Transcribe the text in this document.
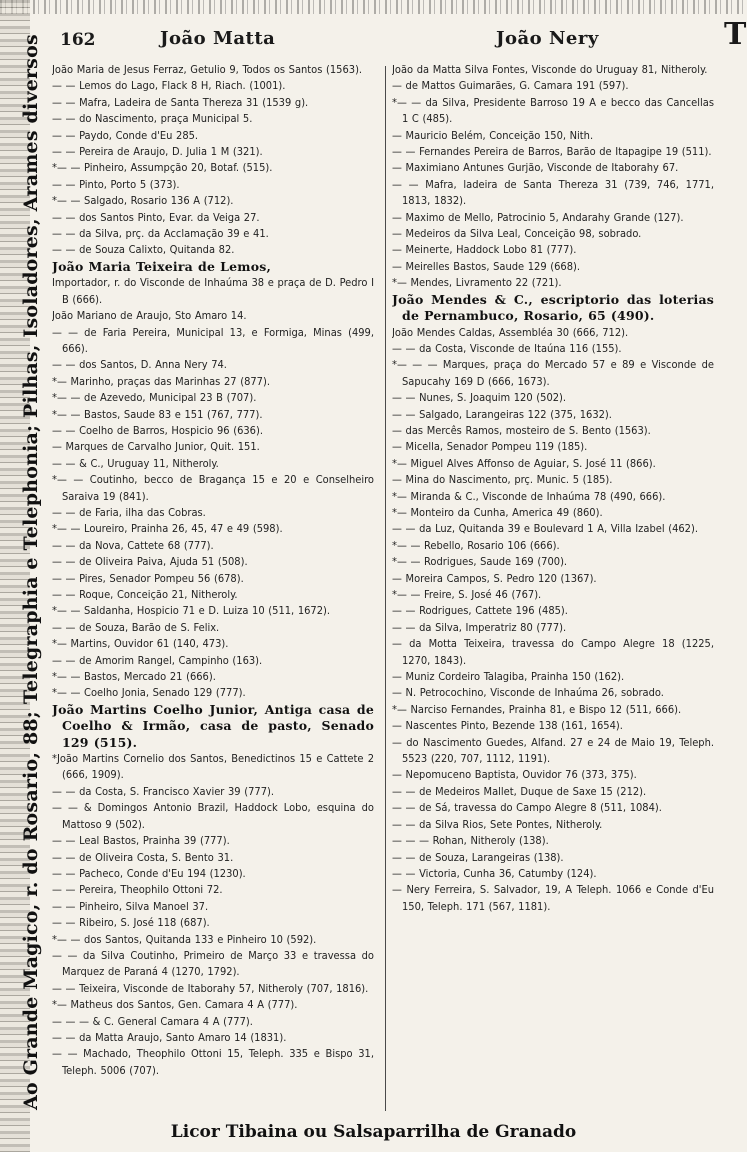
Ao Grande Magico, r. do Rosario, 88; Telegraphia e Telephonia; Pilhas, Isoladores, Arames diversos 162	João Matta	João Nery	T

João Maria de Jesus Ferraz, Getulio 9, Todos os Santos (1563).

— — Lemos do Lago, Flack 8 H, Riach. (1001).

— — Mafra, Ladeira de Santa Thereza 31 (1539 g).

— — do Nascimento, praça Municipal 5.

— — Paydo, Conde d'Eu 285.

— — Pereira de Araujo, D. Julia 1 M (321).

*— — Pinheiro, Assumpção 20, Botaf. (515).

— — Pinto, Porto 5 (373).

*— — Salgado, Rosario 136 A (712).

— — dos Santos Pinto, Evar. da Veiga 27.

— — da Silva, prç. da Acclamação 39 e 41.

— — de Souza Calixto, Quitanda 82.

João Maria Teixeira de Lemos,

Importador, r. do Visconde de Inhaúma 38 e praça de D. Pedro I B (666).

João Mariano de Araujo, Sto Amaro 14.

— — de Faria Pereira, Municipal 13, e Formiga, Minas (499, 666).

— — dos Santos, D. Anna Nery 74.

*— Marinho, praças das Marinhas 27 (877).

*— — de Azevedo, Municipal 23 B (707).

*— — Bastos, Saude 83 e 151 (767, 777).

— — Coelho de Barros, Hospicio 96 (636).

— Marques de Carvalho Junior, Quit. 151.

— — & C., Uruguay 11, Nitheroly.

*— — Coutinho, becco de Bragança 15 e 20 e Conselheiro Saraiva 19 (841).

— — de Faria, ilha das Cobras.

*— — Loureiro, Prainha 26, 45, 47 e 49 (598).

— — da Nova, Cattete 68 (777).

— — de Oliveira Paiva, Ajuda 51 (508).

— — Pires, Senador Pompeu 56 (678).

— — Roque, Conceição 21, Nitheroly.

*— — Saldanha, Hospicio 71 e D. Luiza 10 (511, 1672).

— — de Souza, Barão de S. Felix.

*— Martins, Ouvidor 61 (140, 473).

— — de Amorim Rangel, Campinho (163).

*— — Bastos, Mercado 21 (666).

*— — Coelho Jonia, Senado 129 (777).

João Martins Coelho Junior, Antiga casa de Coelho & Irmão, casa de pasto, Senado 129 (515).

*João Martins Cornelio dos Santos, Benedictinos 15 e Cattete 2 (666, 1909).

— — da Costa, S. Francisco Xavier 39 (777).

— — & Domingos Antonio Brazil, Haddock Lobo, esquina do Mattoso 9 (502).

— — Leal Bastos, Prainha 39 (777).

— — de Oliveira Costa, S. Bento 31.

— — Pacheco, Conde d'Eu 194 (1230).

— — Pereira, Theophilo Ottoni 72.

— — Pinheiro, Silva Manoel 37.

— — Ribeiro, S. José 118 (687).

*— — dos Santos, Quitanda 133 e Pinheiro 10 (592).

— — da Silva Coutinho, Primeiro de Março 33 e travessa do Marquez de Paraná 4 (1270, 1792).

— — Teixeira, Visconde de Itaborahy 57, Nitheroly (707, 1816).

*— Matheus dos Santos, Gen. Camara 4 A (777).

— — — & C. General Camara 4 A (777).

— — da Matta Araujo, Santo Amaro 14 (1831).

— — Machado, Theophilo Ottoni 15, Teleph. 335 e Bispo 31, Teleph. 5006 (707).

João da Matta Silva Fontes, Visconde do Uruguay 81, Nitheroly.

— de Mattos Guimarães, G. Camara 191 (597).

*— — da Silva, Presidente Barroso 19 A e becco das Cancellas 1 C (485).

— Mauricio Belém, Conceição 150, Nith.

— — Fernandes Pereira de Barros, Barão de Itapagipe 19 (511).

— Maximiano Antunes Gurjão, Visconde de Itaborahy 67.

— — Mafra, ladeira de Santa Thereza 31 (739, 746, 1771, 1813, 1832).

— Maximo de Mello, Patrocinio 5, Andarahy Grande (127).

— Medeiros da Silva Leal, Conceição 98, sobrado.

— Meinerte, Haddock Lobo 81 (777).

— Meirelles Bastos, Saude 129 (668).

*— Mendes, Livramento 22 (721).

João Mendes & C., escriptorio das loterias de Pernambuco, Rosario, 65 (490).

João Mendes Caldas, Assembléa 30 (666, 712).

— — da Costa, Visconde de Itaúna 116 (155).

*— — — Marques, praça do Mercado 57 e 89 e Visconde de Sapucahy 169 D (666, 1673).

— — Nunes, S. Joaquim 120 (502).

— — Salgado, Larangeiras 122 (375, 1632).

— das Mercês Ramos, mosteiro de S. Bento (1563).

— Micella, Senador Pompeu 119 (185).

*— Miguel Alves Affonso de Aguiar, S. José 11 (866).

— Mina do Nascimento, prç. Munic. 5 (185).

*— Miranda & C., Visconde de Inhaúma 78 (490, 666).

*— Monteiro da Cunha, America 49 (860).

— — da Luz, Quitanda 39 e Boulevard 1 A, Villa Izabel (462).

*— — Rebello, Rosario 106 (666).

*— — Rodrigues, Saude 169 (700).

— Moreira Campos, S. Pedro 120 (1367).

*— — Freire, S. José 46 (767).

— — Rodrigues, Cattete 196 (485).

— — da Silva, Imperatriz 80 (777).

— da Motta Teixeira, travessa do Campo Alegre 18 (1225, 1270, 1843).

— Muniz Cordeiro Talagiba, Prainha 150 (162).

— N. Petrocochino, Visconde de Inhaúma 26, sobrado.

*— Narciso Fernandes, Prainha 81, e Bispo 12 (511, 666).

— Nascentes Pinto, Bezende 138 (161, 1654).

— do Nascimento Guedes, Alfand. 27 e 24 de Maio 19, Teleph. 5523 (220, 707, 1112, 1191).

— Nepomuceno Baptista, Ouvidor 76 (373, 375).

— — de Medeiros Mallet, Duque de Saxe 15 (212).

— — de Sá, travessa do Campo Alegre 8 (511, 1084).

— — da Silva Rios, Sete Pontes, Nitheroly.

— — — Rohan, Nitheroly (138).

— — de Souza, Larangeiras (138).

— — Victoria, Cunha 36, Catumby (124).

— Nery Ferreira, S. Salvador, 19, A Teleph. 1066 e Conde d'Eu 150, Teleph. 171 (567, 1181).

Licor Tibaina ou Salsaparrilha de Granado
